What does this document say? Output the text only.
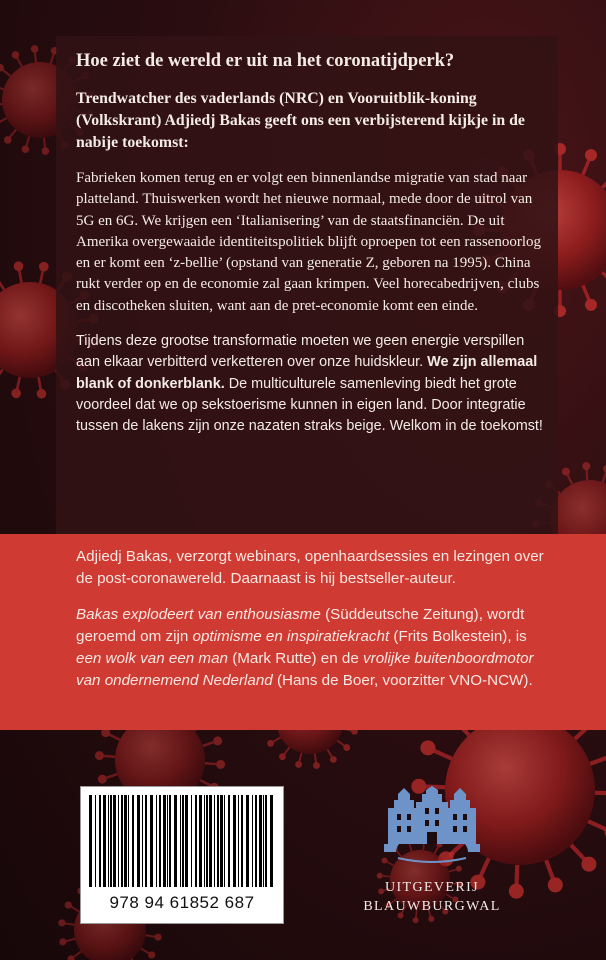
Hoe ziet de wereld er uit na het coronatijdperk?

Trendwatcher des vaderlands (NRC) en Vooruitblik-koning (Volkskrant) Adjiedj Bakas geeft ons een verbijsterend kijkje in de nabije toekomst:

Fabrieken komen terug en er volgt een binnenlandse migratie van stad naar platteland. Thuiswerken wordt het nieuwe normaal, mede door de uitrol van 5G en 6G. We krijgen een ‘Italianisering’ van de staatsfinanciën. De uit Amerika overgewaaide identiteitspolitiek blijft oproepen tot een rassenoorlog en er komt een ‘z-bellie’ (opstand van generatie Z, geboren na 1995). China rukt verder op en de economie zal gaan krimpen. Veel horecabedrijven, clubs en discotheken sluiten, want aan de pret-economie komt een einde.

Tijdens deze grootse transformatie moeten we geen energie verspillen aan elkaar verbitterd verketteren over onze huidskleur. We zijn allemaal blank of donkerblank. De multiculturele samenleving biedt het grote voordeel dat we op sekstoerisme kunnen in eigen land. Door integratie tussen de lakens zijn onze nazaten straks beige. Welkom in de toekomst!

Adjiedj Bakas, verzorgt webinars, openhaardsessies en lezingen over de post-coronawereld. Daarnaast is hij bestseller-auteur.

Bakas explodeert van enthousiasme (Süddeutsche Zeitung), wordt geroemd om zijn optimisme en inspiratiekracht (Frits Bolkestein), is een wolk van een man (Mark Rutte) en de vrolijke buitenboordmotor van ondernemend Nederland (Hans de Boer, voorzitter VNO-NCW).

978 94 61852 687
UITGEVERIJ
BLAUWBURGWAL
